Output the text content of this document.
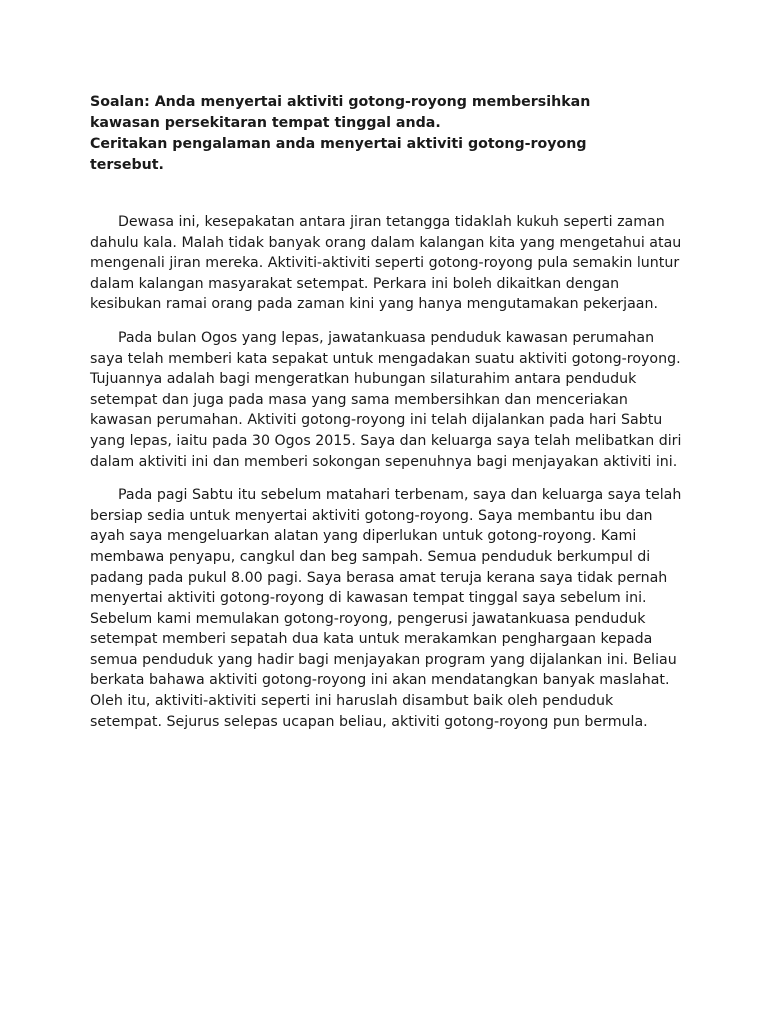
Soalan: Anda menyertai aktiviti gotong-royong membersihkan
kawasan persekitaran tempat tinggal anda.
Ceritakan pengalaman anda menyertai aktiviti gotong-royong
tersebut.

Dewasa ini, kesepakatan antara jiran tetangga tidaklah kukuh seperti zaman dahulu kala. Malah tidak banyak orang dalam kalangan kita yang mengetahui atau mengenali jiran mereka. Aktiviti-aktiviti seperti gotong-royong pula semakin luntur dalam kalangan masyarakat setempat. Perkara ini boleh dikaitkan dengan kesibukan ramai orang pada zaman kini yang hanya mengutamakan pekerjaan.

Pada bulan Ogos yang lepas, jawatankuasa penduduk kawasan perumahan saya telah memberi kata sepakat untuk mengadakan suatu aktiviti gotong-royong. Tujuannya adalah bagi mengeratkan hubungan silaturahim antara penduduk setempat dan juga pada masa yang sama membersihkan dan menceriakan kawasan perumahan. Aktiviti gotong-royong ini telah dijalankan pada hari Sabtu yang lepas, iaitu pada 30 Ogos 2015. Saya dan keluarga saya telah melibatkan diri dalam aktiviti ini dan memberi sokongan sepenuhnya bagi menjayakan aktiviti ini.

Pada pagi Sabtu itu sebelum matahari terbenam, saya dan keluarga saya telah bersiap sedia untuk menyertai aktiviti gotong-royong. Saya membantu ibu dan ayah saya mengeluarkan alatan yang diperlukan untuk gotong-royong. Kami membawa penyapu, cangkul dan beg sampah. Semua penduduk berkumpul di padang pada pukul 8.00 pagi. Saya berasa amat teruja kerana saya tidak pernah menyertai aktiviti gotong-royong di kawasan tempat tinggal saya sebelum ini. Sebelum kami memulakan gotong-royong, pengerusi jawatankuasa penduduk setempat memberi sepatah dua kata untuk merakamkan penghargaan kepada semua penduduk yang hadir bagi menjayakan program yang dijalankan ini. Beliau berkata bahawa aktiviti gotong-royong ini akan mendatangkan banyak maslahat. Oleh itu, aktiviti-aktiviti seperti ini haruslah disambut baik oleh penduduk setempat. Sejurus selepas ucapan beliau, aktiviti gotong-royong pun bermula.
